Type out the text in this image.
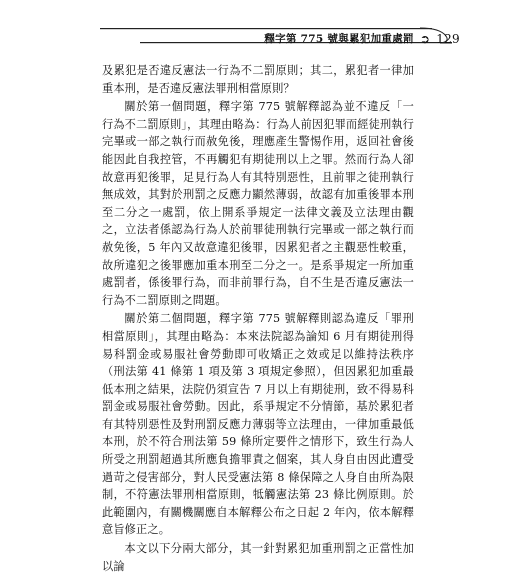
釋字第 775 號與累犯加重處罰 ➲ 129

及累犯是否違反憲法一行為不二罰原則；其二，累犯者一律加重本刑，是否違反憲法罪刑相當原則？

關於第一個問題，釋字第 775 號解釋認為並不違反「一行為不二罰原則」，其理由略為：行為人前因犯罪而經徒刑執行完畢或一部之執行而赦免後，理應產生警惕作用，返回社會後能因此自我控管，不再觸犯有期徒刑以上之罪。然而行為人卻故意再犯後罪，足見行為人有其特別惡性，且前罪之徒刑執行無成效，其對於刑罰之反應力顯然薄弱，故認有加重後罪本刑至二分之一處罰，依上開系爭規定一法律文義及立法理由觀之，立法者係認為行為人於前罪徒刑執行完畢或一部之執行而赦免後，5 年內又故意違犯後罪，因累犯者之主觀惡性較重，故所違犯之後罪應加重本刑至二分之一。是系爭規定一所加重處罰者，係後罪行為，而非前罪行為，自不生是否違反憲法一行為不二罰原則之問題。

關於第二個問題，釋字第 775 號解釋則認為違反「罪刑相當原則」，其理由略為：本來法院認為論知 6 月有期徒刑得易科罰金或易服社會勞動即可收矯正之效或足以維持法秩序（刑法第 41 條第 1 項及第 3 項規定參照），但因累犯加重最低本刑之結果，法院仍須宣告 7 月以上有期徒刑，致不得易科罰金或易服社會勞動。因此，系爭規定不分情節，基於累犯者有其特別惡性及對刑罰反應力薄弱等立法理由，一律加重最低本刑，於不符合刑法第 59 條所定要件之情形下，致生行為人所受之刑罰超過其所應負擔罪責之個案，其人身自由因此遭受過苛之侵害部分，對人民受憲法第 8 條保障之人身自由所為限制，不符憲法罪刑相當原則，牴觸憲法第 23 條比例原則。於此範圍內，有關機關應自本解釋公布之日起 2 年內，依本解釋意旨修正之。

本文以下分兩大部分，其一針對累犯加重刑罰之正當性加以論
